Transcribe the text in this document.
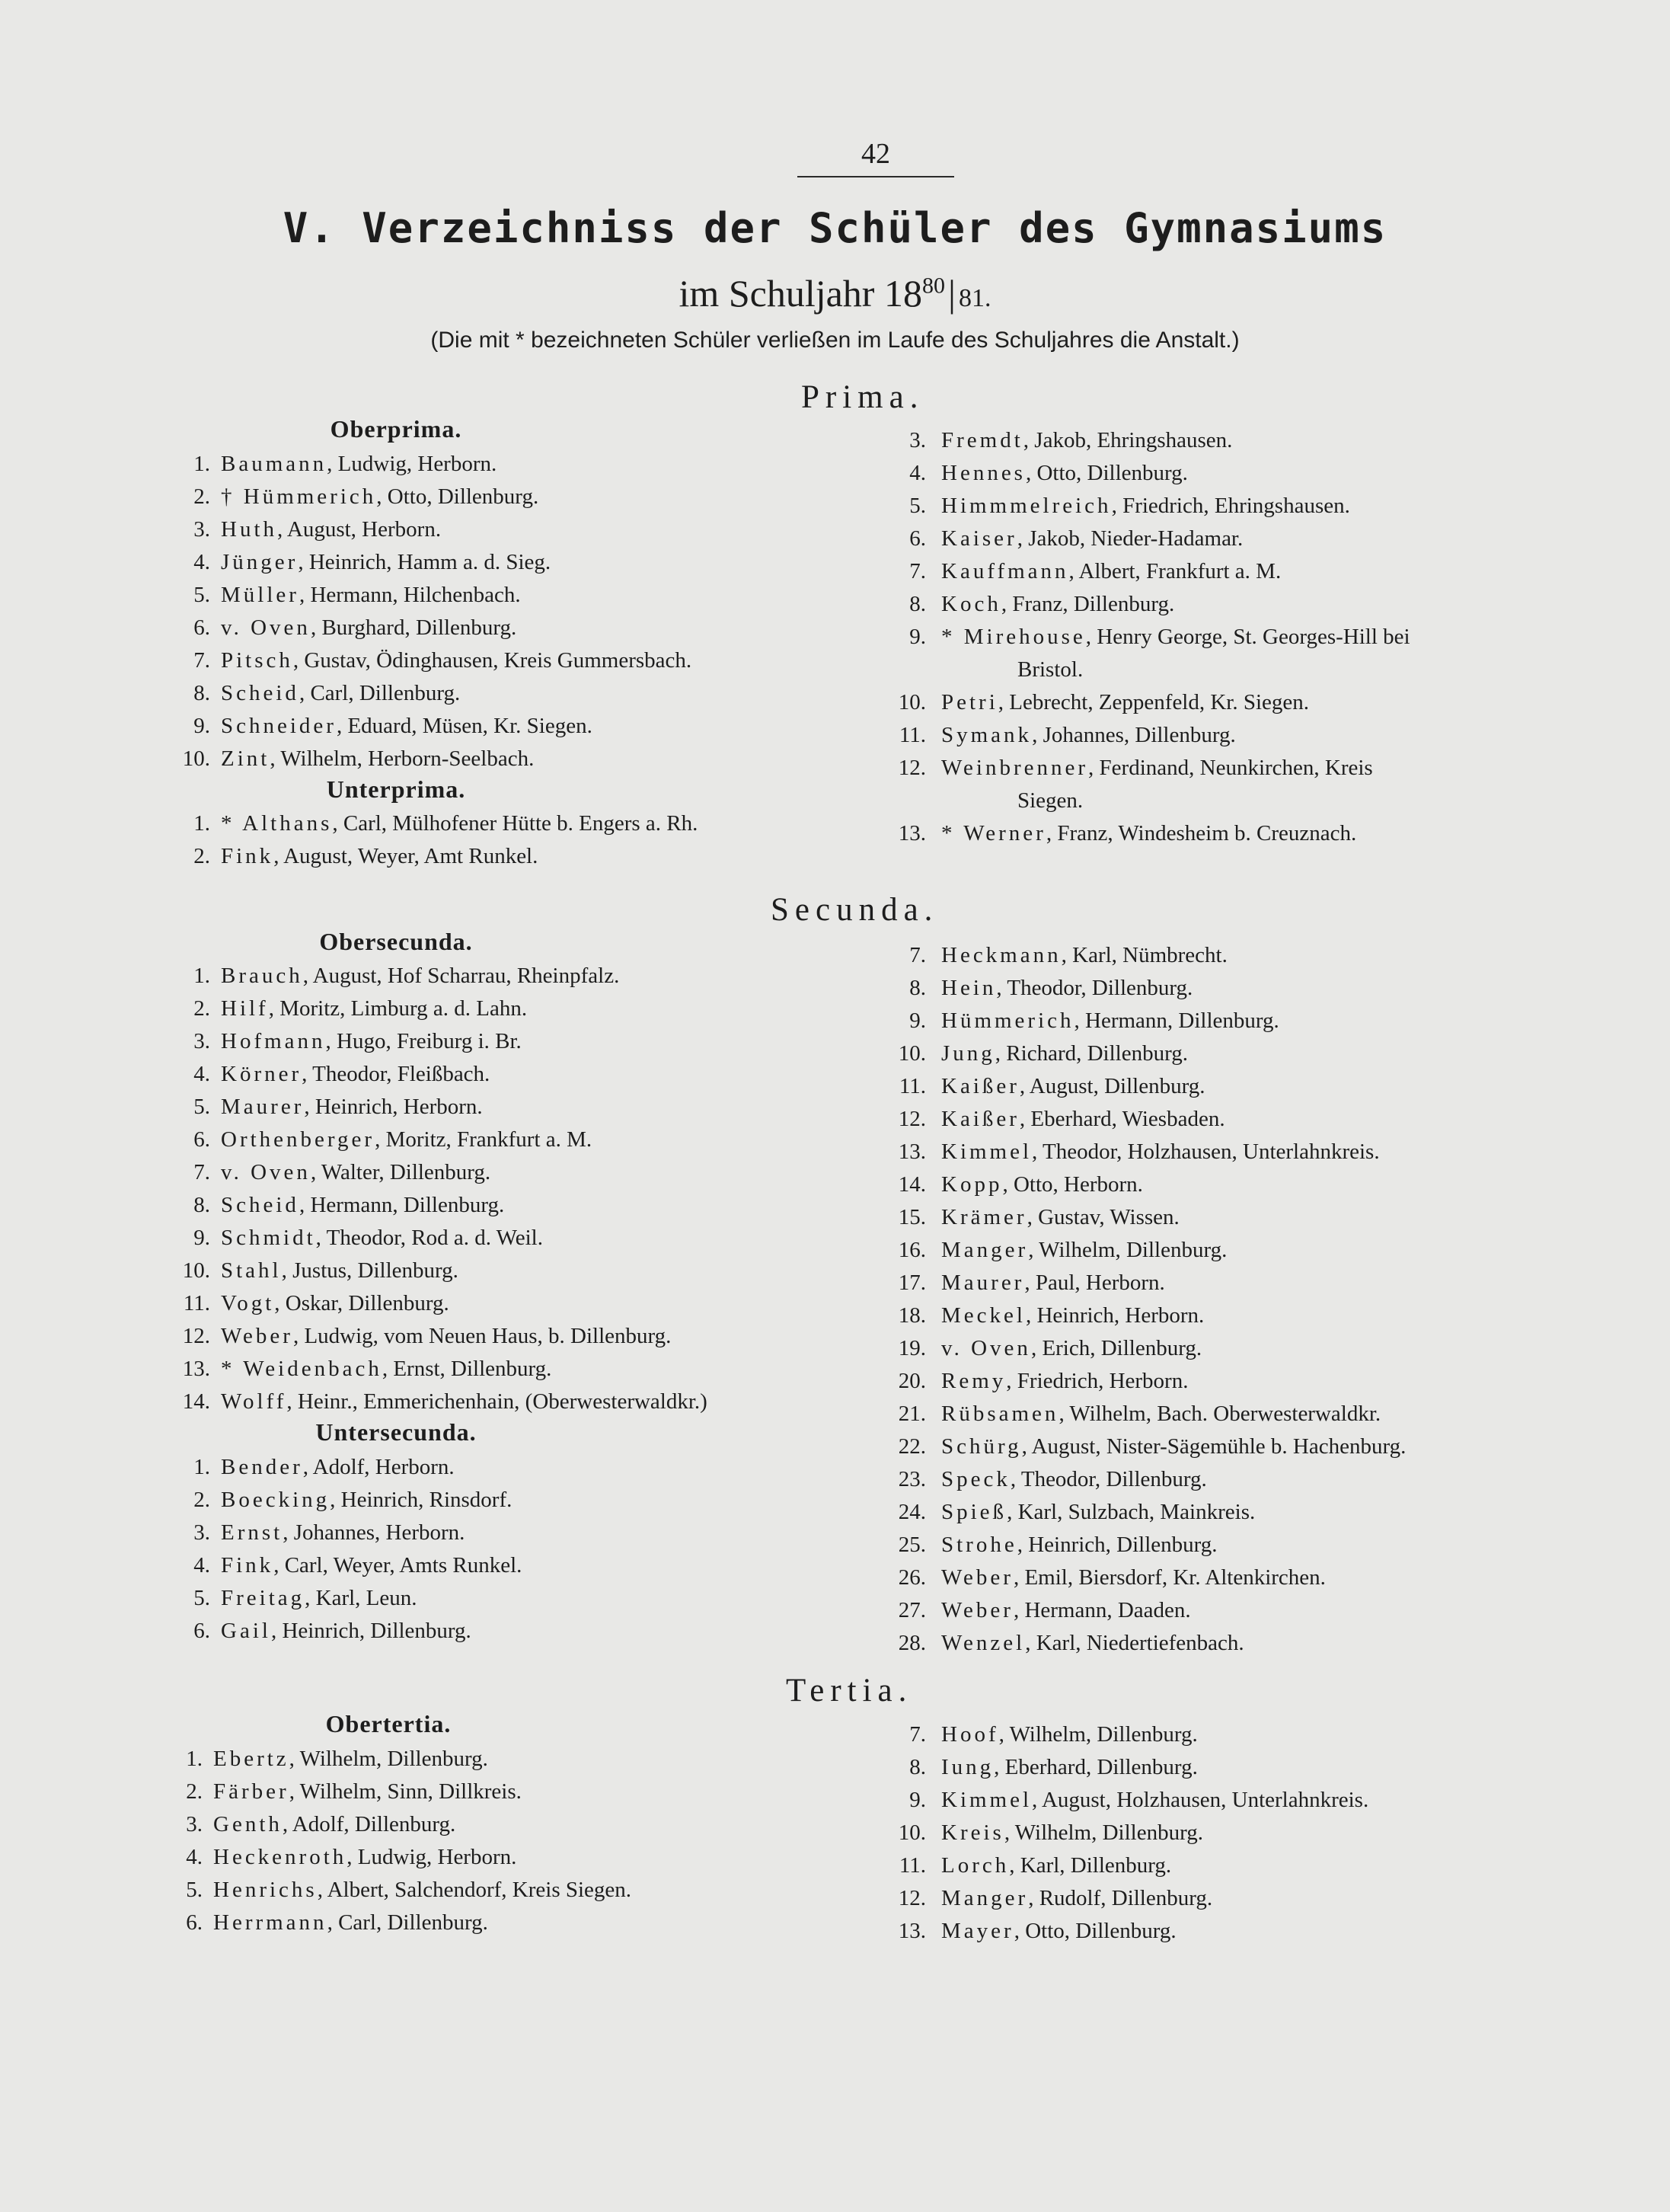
42
V. Verzeichniss der Schüler des Gymnasiums
im Schuljahr $18^{80}|$ 81.
(Die mit * bezeichneten Schüler verließen im Laufe des Schuljahres die Anstalt.)
Prima.
Oberprima.
1. Baumann, Ludwig, Herborn.
2. † Hümmerich, Otto, Dillenburg.
3. Huth, August, Herborn.
4. Jünger, Heinrich, Hamm a. d. Sieg.
5. Müller, Hermann, Hilchenbach.
6. v. Oven, Burghard, Dillenburg.
7. Pitsch, Gustav, Ödinghausen, Kreis Gummersbach.
8. Scheid, Carl, Dillenburg.
9. Schneider, Eduard, Müsen, Kr. Siegen.
10. Zint, Wilhelm, Herborn-Seelbach.
Unterprima.
1. * Althans, Carl, Mülhofener Hütte b. Engers a. Rh.
2. Fink, August, Weyer, Amt Runkel.
3. Fremdt, Jakob, Ehringshausen.
4. Hennes, Otto, Dillenburg.
5. Himmmelreich, Friedrich, Ehringshausen.
6. Kaiser, Jakob, Nieder-Hadamar.
7. Kauffmann, Albert, Frankfurt a. M.
8. Koch, Franz, Dillenburg.
9. * Mirehouse, Henry George, St. Georges-Hill bei
Bristol.
10. Petri, Lebrecht, Zeppenfeld, Kr. Siegen.
11. Symank, Johannes, Dillenburg.
12. Weinbrenner, Ferdinand, Neunkirchen, Kreis
Siegen.
13. * Werner, Franz, Windesheim b. Creuznach.
Secunda.
Obersecunda.
1. Brauch, August, Hof Scharrau, Rheinpfalz.
2. Hilf, Moritz, Limburg a. d. Lahn.
3. Hofmann, Hugo, Freiburg i. Br.
4. Körner, Theodor, Fleißbach.
5. Maurer, Heinrich, Herborn.
6. Orthenberger, Moritz, Frankfurt a. M.
7. v. Oven, Walter, Dillenburg.
8. Scheid, Hermann, Dillenburg.
9. Schmidt, Theodor, Rod a. d. Weil.
10. Stahl, Justus, Dillenburg.
11. Vogt, Oskar, Dillenburg.
12. Weber, Ludwig, vom Neuen Haus, b. Dillenburg.
13. * Weidenbach, Ernst, Dillenburg.
14. Wolff, Heinr., Emmerichenhain, (Oberwesterwaldkr.)
Untersecunda.
1. Bender, Adolf, Herborn.
2. Boecking, Heinrich, Rinsdorf.
3. Ernst, Johannes, Herborn.
4. Fink, Carl, Weyer, Amts Runkel.
5. Freitag, Karl, Leun.
6. Gail, Heinrich, Dillenburg.
7. Heckmann, Karl, Nümbrecht.
8. Hein, Theodor, Dillenburg.
9. Hümmerich, Hermann, Dillenburg.
10. Jung, Richard, Dillenburg.
11. Kaißer, August, Dillenburg.
12. Kaißer, Eberhard, Wiesbaden.
13. Kimmel, Theodor, Holzhausen, Unterlahnkreis.
14. Kopp, Otto, Herborn.
15. Krämer, Gustav, Wissen.
16. Manger, Wilhelm, Dillenburg.
17. Maurer, Paul, Herborn.
18. Meckel, Heinrich, Herborn.
19. v. Oven, Erich, Dillenburg.
20. Remy, Friedrich, Herborn.
21. Rübsamen, Wilhelm, Bach. Oberwesterwaldkr.
22. Schürg, August, Nister-Sägemühle b. Hachenburg.
23. Speck, Theodor, Dillenburg.
24. Spieß, Karl, Sulzbach, Mainkreis.
25. Strohe, Heinrich, Dillenburg.
26. Weber, Emil, Biersdorf, Kr. Altenkirchen.
27. Weber, Hermann, Daaden.
28. Wenzel, Karl, Niedertiefenbach.
Tertia.
Obertertia.
1. Ebertz, Wilhelm, Dillenburg.
2. Färber, Wilhelm, Sinn, Dillkreis.
3. Genth, Adolf, Dillenburg.
4. Heckenroth, Ludwig, Herborn.
5. Henrichs, Albert, Salchendorf, Kreis Siegen.
6. Herrmann, Carl, Dillenburg.
7. Hoof, Wilhelm, Dillenburg.
8. Iung, Eberhard, Dillenburg.
9. Kimmel, August, Holzhausen, Unterlahnkreis.
10. Kreis, Wilhelm, Dillenburg.
11. Lorch, Karl, Dillenburg.
12. Manger, Rudolf, Dillenburg.
13. Mayer, Otto, Dillenburg.
